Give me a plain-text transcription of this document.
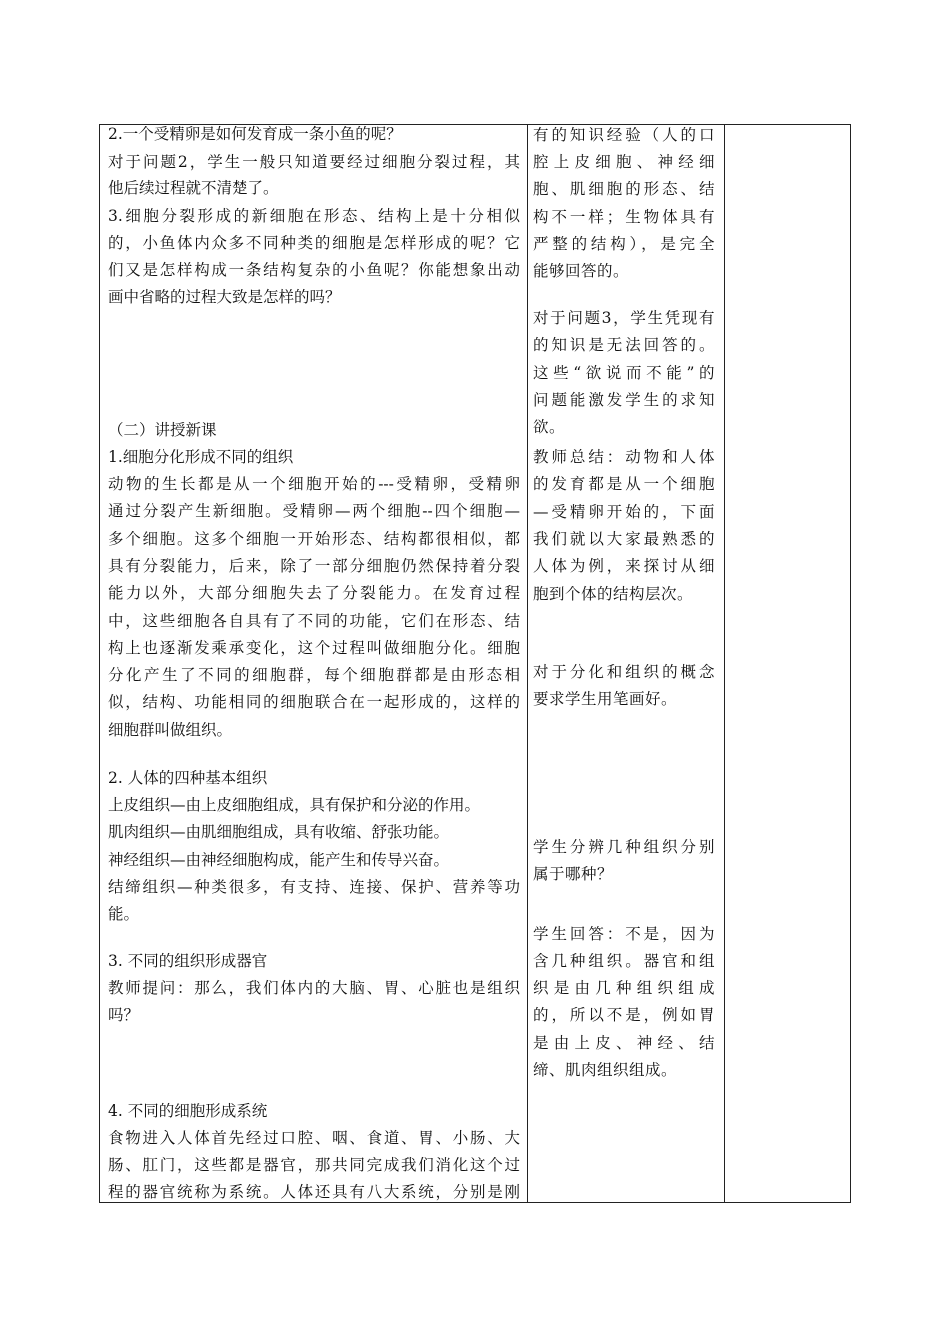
2.一个受精卵是如何发育成一条小鱼的呢？
对于问题2，学生一般只知道要经过细胞分裂过程，其
他后续过程就不清楚了。
3.细胞分裂形成的新细胞在形态、结构上是十分相似
的，小鱼体内众多不同种类的细胞是怎样形成的呢？它
们又是怎样构成一条结构复杂的小鱼呢？你能想象出动
画中省略的过程大致是怎样的吗？
（二）讲授新课
1.细胞分化形成不同的组织
动物的生长都是从一个细胞开始的---受精卵，受精卵
通过分裂产生新细胞。受精卵—两个细胞--四个细胞—
多个细胞。这多个细胞一开始形态、结构都很相似，都
具有分裂能力，后来，除了一部分细胞仍然保持着分裂
能力以外，大部分细胞失去了分裂能力。在发育过程
中，这些细胞各自具有了不同的功能，它们在形态、结
构上也逐渐发乘承变化，这个过程叫做细胞分化。细胞
分化产生了不同的细胞群，每个细胞群都是由形态相
似，结构、功能相同的细胞联合在一起形成的，这样的
细胞群叫做组织。
2. 人体的四种基本组织
上皮组织—由上皮细胞组成，具有保护和分泌的作用。
肌肉组织—由肌细胞组成，具有收缩、舒张功能。
神经组织—由神经细胞构成，能产生和传导兴奋。
结缔组织—种类很多，有支持、连接、保护、营养等功
能。
3. 不同的组织形成器官
教师提问：那么，我们体内的大脑、胃、心脏也是组织
吗？
4. 不同的细胞形成系统
食物进入人体首先经过口腔、咽、食道、胃、小肠、大
肠、肛门，这些都是器官，那共同完成我们消化这个过
程的器官统称为系统。人体还具有八大系统，分别是刚
有的知识经验（人的口
腔上皮细胞、神经细
胞、肌细胞的形态、结
构不一样；生物体具有
严整的结构），是完全
能够回答的。
对于问题3，学生凭现有
的知识是无法回答的。
这些“欲说而不能”的
问题能激发学生的求知
欲。
教师总结：动物和人体
的发育都是从一个细胞
—受精卵开始的，下面
我们就以大家最熟悉的
人体为例，来探讨从细
胞到个体的结构层次。
对于分化和组织的概念
要求学生用笔画好。
学生分辨几种组织分别
属于哪种？
学生回答：不是，因为
含几种组织。器官和组
织是由几种组织组成
的，所以不是，例如胃
是由上皮、神经、结
缔、肌肉组织组成。
